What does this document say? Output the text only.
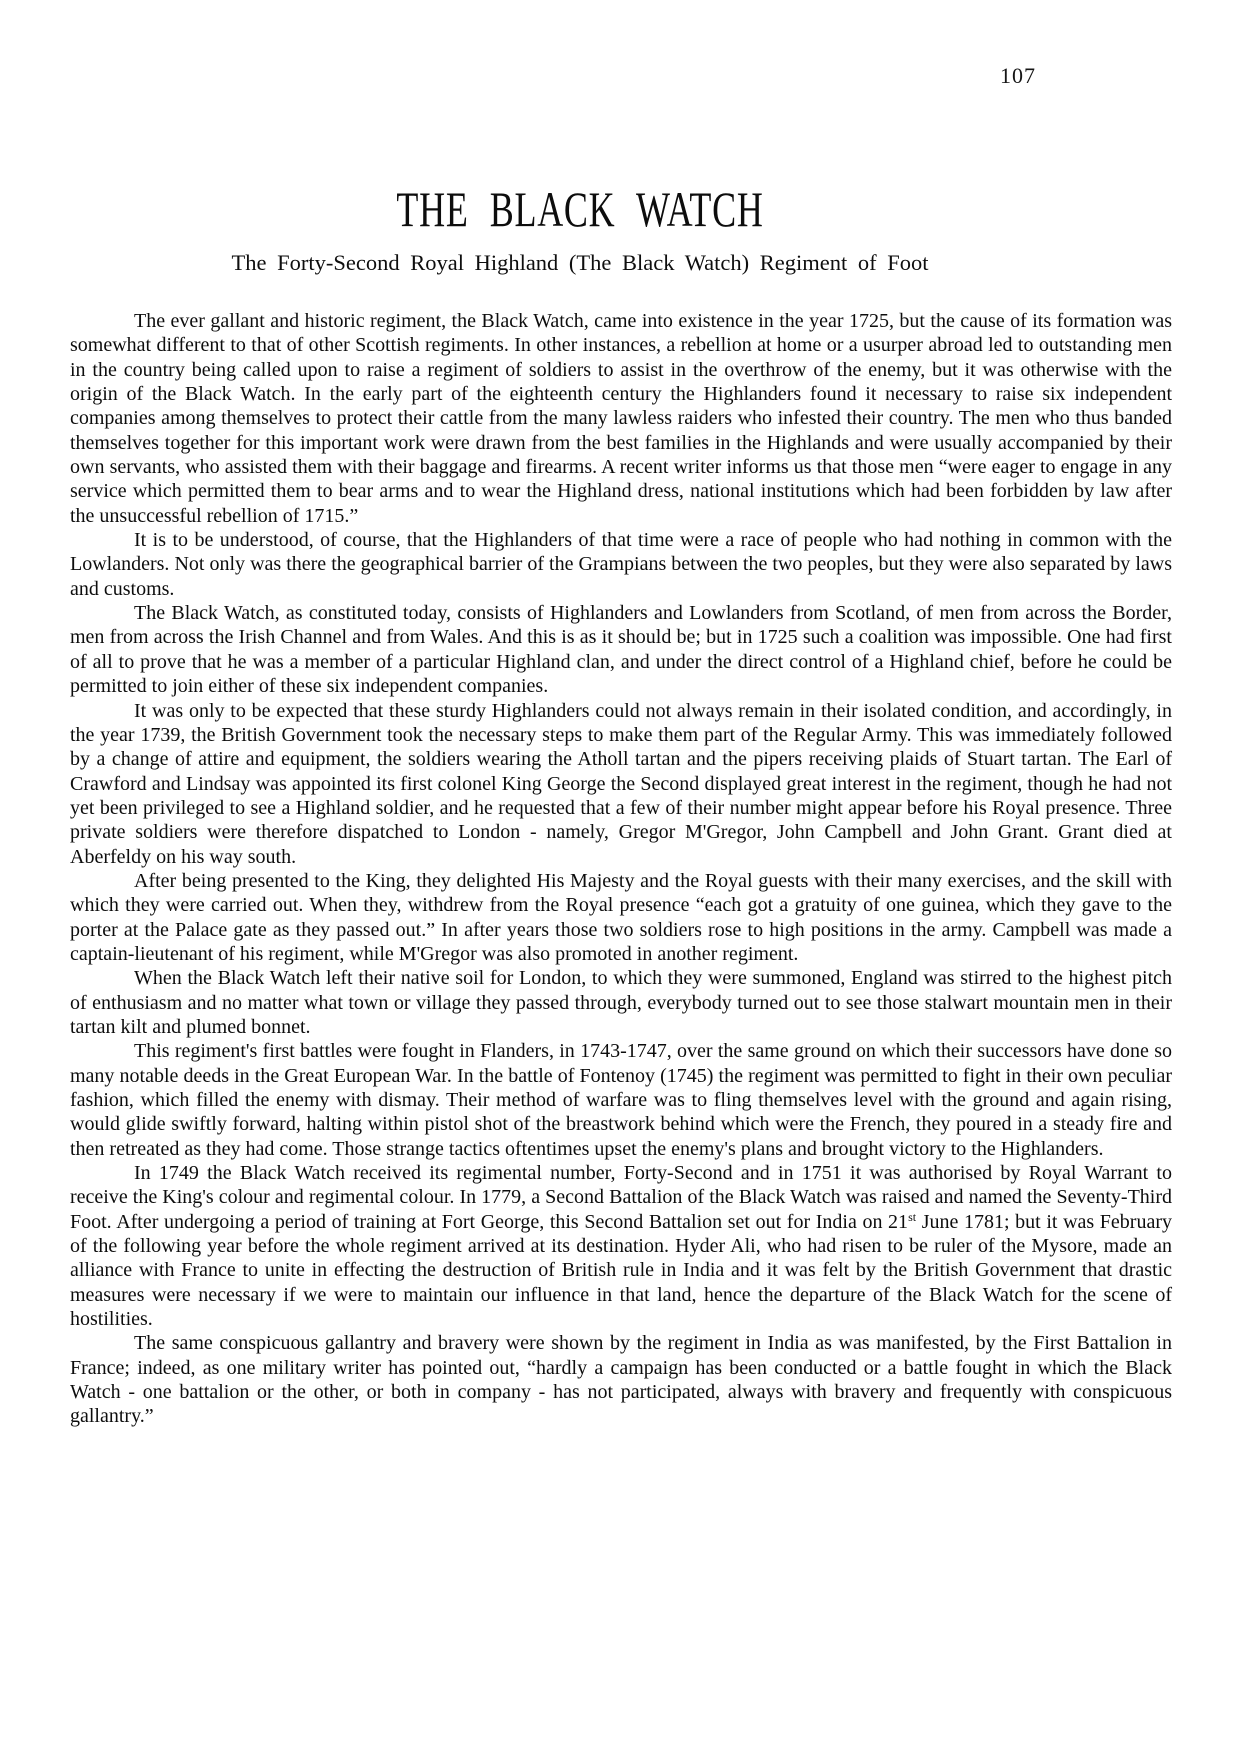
107
THE BLACK WATCH
The Forty-Second Royal Highland (The Black Watch) Regiment of Foot

The ever gallant and historic regiment, the Black Watch, came into existence in the year 1725, but the cause of its formation was somewhat different to that of other Scottish regiments. In other instances, a rebellion at home or a usurper abroad led to outstanding men in the country being called upon to raise a regiment of soldiers to assist in the overthrow of the enemy, but it was otherwise with the origin of the Black Watch. In the early part of the eighteenth century the Highlanders found it necessary to raise six independent companies among themselves to protect their cattle from the many lawless raiders who infested their country. The men who thus banded themselves together for this important work were drawn from the best families in the Highlands and were usually accompanied by their own servants, who assisted them with their baggage and firearms. A recent writer informs us that those men “were eager to engage in any service which permitted them to bear arms and to wear the Highland dress, national institutions which had been forbidden by law after the unsuccessful rebellion of 1715.”

It is to be understood, of course, that the Highlanders of that time were a race of people who had nothing in common with the Lowlanders. Not only was there the geographical barrier of the Grampians between the two peoples, but they were also separated by laws and customs.

The Black Watch, as constituted today, consists of Highlanders and Lowlanders from Scotland, of men from across the Border, men from across the Irish Channel and from Wales. And this is as it should be; but in 1725 such a coalition was impossible. One had first of all to prove that he was a member of a particular Highland clan, and under the direct control of a Highland chief, before he could be permitted to join either of these six independent companies.

It was only to be expected that these sturdy Highlanders could not always remain in their isolated condition, and accordingly, in the year 1739, the British Government took the necessary steps to make them part of the Regular Army. This was immediately followed by a change of attire and equipment, the soldiers wearing the Atholl tartan and the pipers receiving plaids of Stuart tartan. The Earl of Crawford and Lindsay was appointed its first colonel King George the Second displayed great interest in the regiment, though he had not yet been privileged to see a Highland soldier, and he requested that a few of their number might appear before his Royal presence. Three private soldiers were therefore dispatched to London - namely, Gregor M'Gregor, John Campbell and John Grant. Grant died at Aberfeldy on his way south.

After being presented to the King, they delighted His Majesty and the Royal guests with their many exercises, and the skill with which they were carried out. When they, withdrew from the Royal presence “each got a gratuity of one guinea, which they gave to the porter at the Palace gate as they passed out.” In after years those two soldiers rose to high positions in the army. Campbell was made a captain-lieutenant of his regiment, while M'Gregor was also promoted in another regiment.

When the Black Watch left their native soil for London, to which they were summoned, England was stirred to the highest pitch of enthusiasm and no matter what town or village they passed through, everybody turned out to see those stalwart mountain men in their tartan kilt and plumed bonnet.

This regiment's first battles were fought in Flanders, in 1743-1747, over the same ground on which their successors have done so many notable deeds in the Great European War. In the battle of Fontenoy (1745) the regiment was permitted to fight in their own peculiar fashion, which filled the enemy with dismay. Their method of warfare was to fling themselves level with the ground and again rising, would glide swiftly forward, halting within pistol shot of the breastwork behind which were the French, they poured in a steady fire and then retreated as they had come. Those strange tactics oftentimes upset the enemy's plans and brought victory to the Highlanders.

In 1749 the Black Watch received its regimental number, Forty-Second and in 1751 it was authorised by Royal Warrant to receive the King's colour and regimental colour. In 1779, a Second Battalion of the Black Watch was raised and named the Seventy-Third Foot. After undergoing a period of training at Fort George, this Second Battalion set out for India on 21st June 1781; but it was February of the following year before the whole regiment arrived at its destination. Hyder Ali, who had risen to be ruler of the Mysore, made an alliance with France to unite in effecting the destruction of British rule in India and it was felt by the British Government that drastic measures were necessary if we were to maintain our influence in that land, hence the departure of the Black Watch for the scene of hostilities.

The same conspicuous gallantry and bravery were shown by the regiment in India as was manifested, by the First Battalion in France; indeed, as one military writer has pointed out, “hardly a campaign has been conducted or a battle fought in which the Black Watch - one battalion or the other, or both in company - has not participated, always with bravery and frequently with conspicuous gallantry.”
